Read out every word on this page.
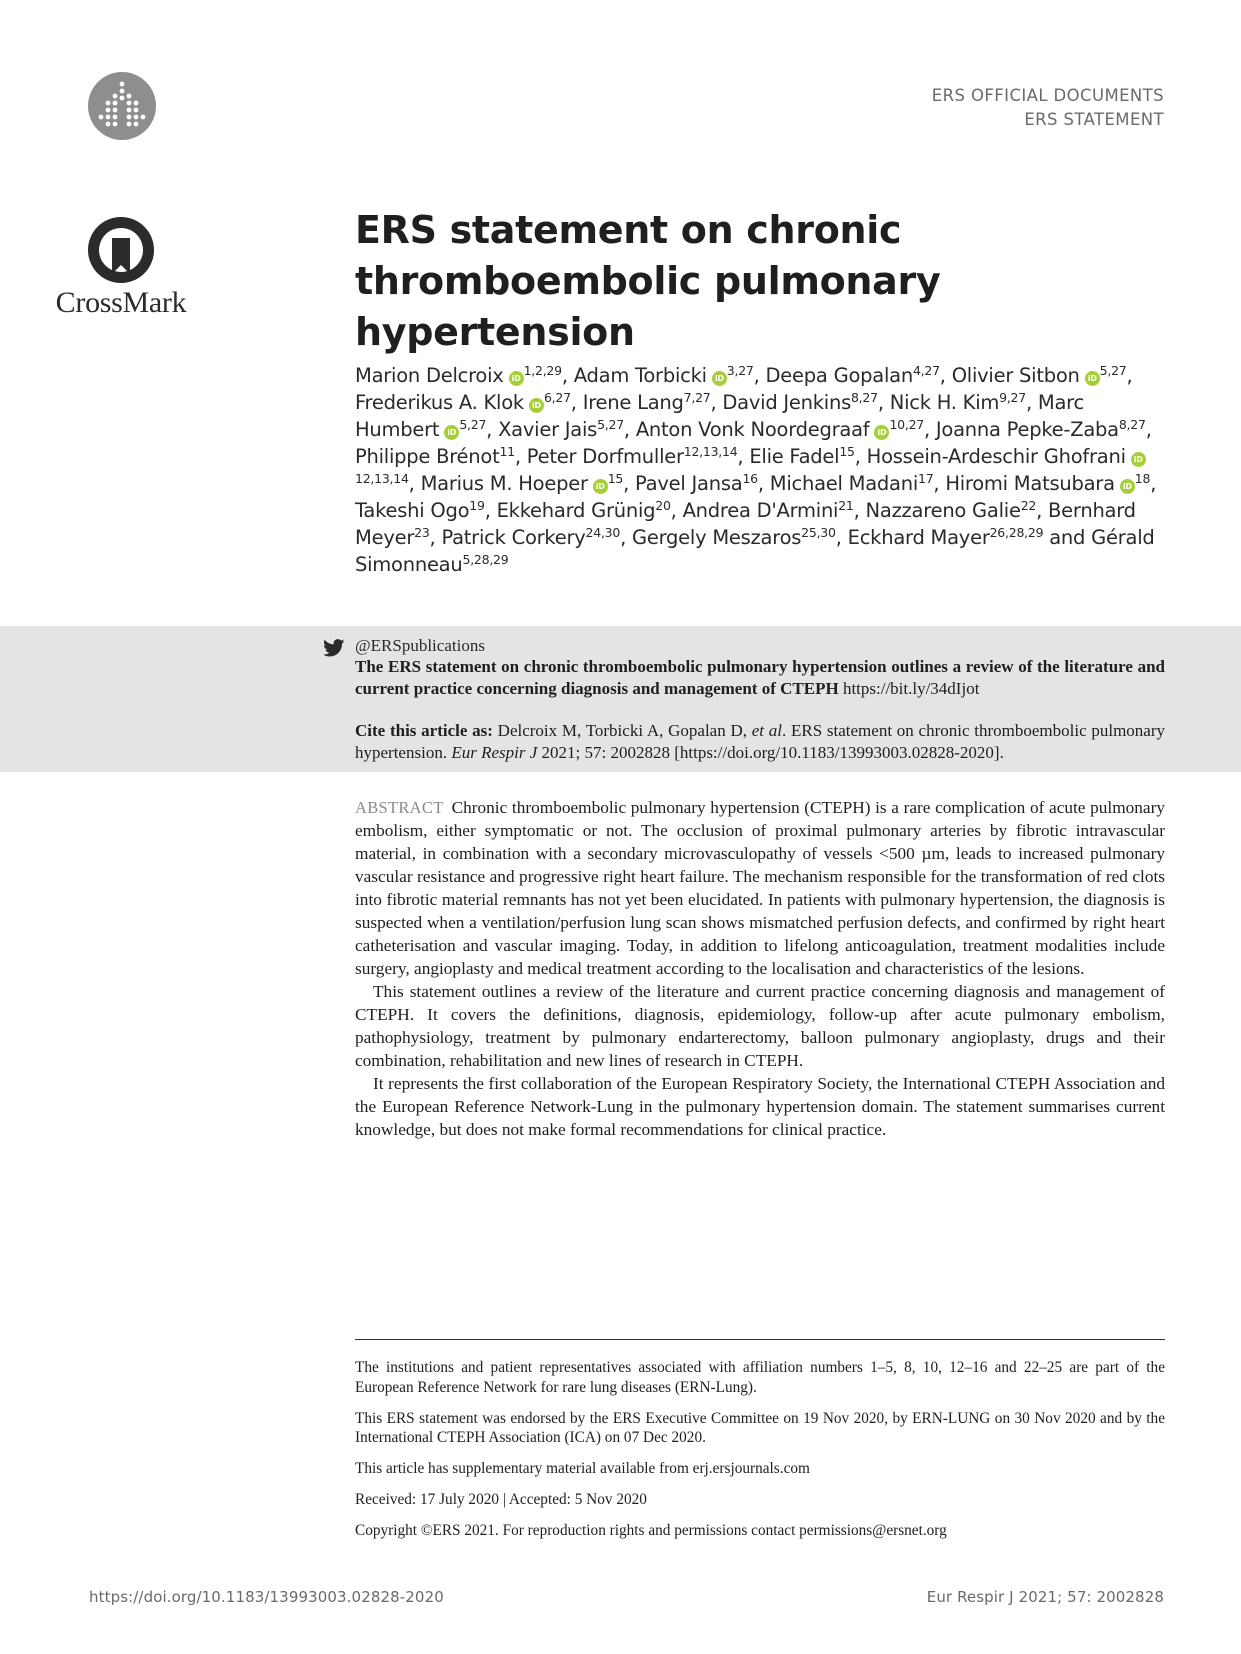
ERS OFFICIAL DOCUMENTS
ERS STATEMENT
CrossMark
ERS statement on chronic
thromboembolic pulmonary hypertension
Marion Delcroix iD$^{1,2,29}$, Adam Torbicki iD$^{3,27}$, Deepa Gopalan$^{4,27}$, Olivier Sitbon iD$^{5,27}$, Frederikus A. Klok iD$^{6,27}$, Irene Lang$^{7,27}$, David Jenkins$^{8,27}$, Nick H. Kim$^{9,27}$, Marc Humbert iD$^{5,27}$, Xavier Jais$^{5,27}$, Anton Vonk Noordegraaf iD$^{10,27}$, Joanna Pepke-Zaba$^{8,27}$, Philippe Brénot$^{11}$, Peter Dorfmuller$^{12,13,14}$, Elie Fadel$^{15}$, Hossein-Ardeschir Ghofrani iD$^{12,13,14}$, Marius M. Hoeper $iD^{15}$, Pavel Jansa$^{16}$, Michael Madani$^{17}$, Hiromi Matsubara $iD^{18}$, Takeshi Ogo$^{19}$, Ekkehard Grünig$^{20}$, Andrea D'Armini$^{21}$, Nazzareno Galie$^{22}$, Bernhard Meyer$^{23}$, Patrick Corkery$^{24,30}$, Gergely Meszaros$^{25,30}$, Eckhard Mayer$^{26,28,29}$ and Gérald Simonneau$^{5,28,29}$
@ERSpublications
The ERS statement on chronic thromboembolic pulmonary hypertension outlines a review of the literature and current practice concerning diagnosis and management of CTEPH https://bit.ly/34dIjot
Cite this article as: Delcroix M, Torbicki A, Gopalan D, et al. ERS statement on chronic thromboembolic pulmonary hypertension. Eur Respir J 2021; 57: 2002828 [https://doi.org/10.1183/13993003.02828-2020].

ABSTRACT Chronic thromboembolic pulmonary hypertension (CTEPH) is a rare complication of acute pulmonary embolism, either symptomatic or not. The occlusion of proximal pulmonary arteries by fibrotic intravascular material, in combination with a secondary microvasculopathy of vessels <500 µm, leads to increased pulmonary vascular resistance and progressive right heart failure. The mechanism responsible for the transformation of red clots into fibrotic material remnants has not yet been elucidated. In patients with pulmonary hypertension, the diagnosis is suspected when a ventilation/perfusion lung scan shows mismatched perfusion defects, and confirmed by right heart catheterisation and vascular imaging. Today, in addition to lifelong anticoagulation, treatment modalities include surgery, angioplasty and medical treatment according to the localisation and characteristics of the lesions.

This statement outlines a review of the literature and current practice concerning diagnosis and management of CTEPH. It covers the definitions, diagnosis, epidemiology, follow-up after acute pulmonary embolism, pathophysiology, treatment by pulmonary endarterectomy, balloon pulmonary angioplasty, drugs and their combination, rehabilitation and new lines of research in CTEPH.

It represents the first collaboration of the European Respiratory Society, the International CTEPH Association and the European Reference Network-Lung in the pulmonary hypertension domain. The statement summarises current knowledge, but does not make formal recommendations for clinical practice.

The institutions and patient representatives associated with affiliation numbers 1–5, 8, 10, 12–16 and 22–25 are part of the European Reference Network for rare lung diseases (ERN-Lung).

This ERS statement was endorsed by the ERS Executive Committee on 19 Nov 2020, by ERN-LUNG on 30 Nov 2020 and by the International CTEPH Association (ICA) on 07 Dec 2020.

This article has supplementary material available from erj.ersjournals.com

Received: 17 July 2020 | Accepted: 5 Nov 2020

Copyright ©ERS 2021. For reproduction rights and permissions contact permissions@ersnet.org

https://doi.org/10.1183/13993003.02828-2020	Eur Respir J 2021; 57: 2002828
